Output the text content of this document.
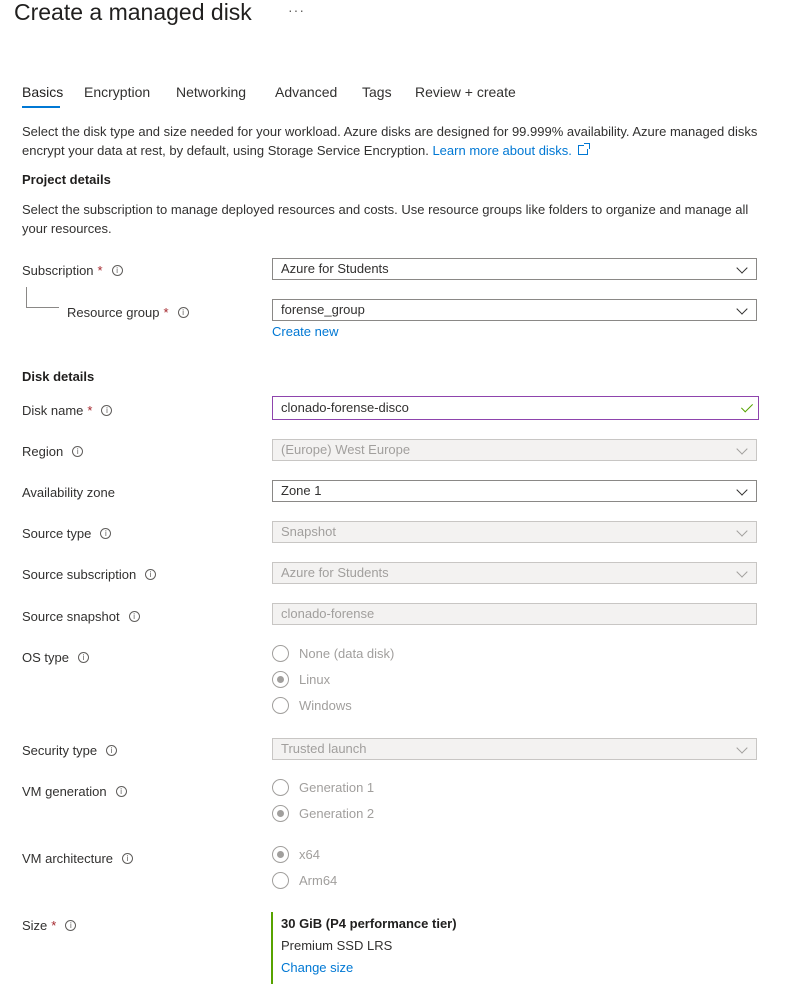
Create a managed disk	···
Basics Encryption Networking Advanced Tags Review + create
Select the disk type and size needed for your workload. Azure disks are designed for 99.999% availability. Azure managed disks encrypt your data at rest, by default, using Storage Service Encryption. Learn more about disks.
Project details
Select the subscription to manage deployed resources and costs. Use resource groups like folders to organize and manage all your resources.
Subscription *	i	Azure for Students
Resource group *	i	forense_group
Create new
Disk details
Disk name *	i	clonado-forense-disco
Region	i	(Europe) West Europe
Availability zone	Zone 1
Source type	i	Snapshot
Source subscription	i	Azure for Students
Source snapshot	i	clonado-forense
OS type	i	None (data disk)
Linux
Windows
Security type	i	Trusted launch
VM generation	i	Generation 1
Generation 2
VM architecture	i	x64
Arm64
Size *	i	30 GiB (P4 performance tier)
Premium SSD LRS
Change size
